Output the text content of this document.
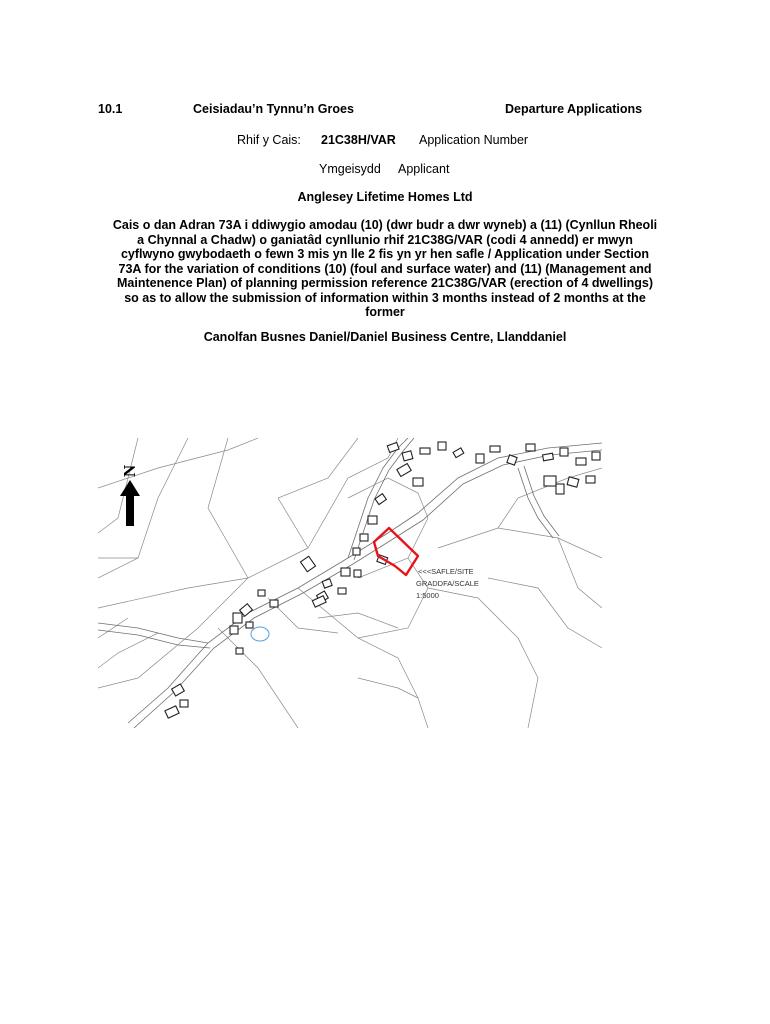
10.1	Ceisiadau’n Tynnu’n Groes	Departure Applications
Rhif y Cais: 21C38H/VAR Application Number
Ymgeisydd Applicant
Anglesey Lifetime Homes Ltd
Cais o dan Adran 73A i ddiwygio amodau (10) (dwr budr a dwr wyneb) a (11) (Cynllun Rheoli
a Chynnal a Chadw) o ganiatâd cynllunio rhif 21C38G/VAR (codi 4 annedd) er mwyn
cyflwyno gwybodaeth o fewn 3 mis yn lle 2 fis yn yr hen safle / Application under Section
73A for the variation of conditions (10) (foul and surface water) and (11) (Management and
Maintenence Plan) of planning permission reference 21C38G/VAR (erection of 4 dwellings)
so as to allow the submission of information within 3 months instead of 2 months at the
former
Canolfan Busnes Daniel/Daniel Business Centre, Llanddaniel
N
<<<SAFLE/SITE
GRADDFA/SCALE
1:5000
